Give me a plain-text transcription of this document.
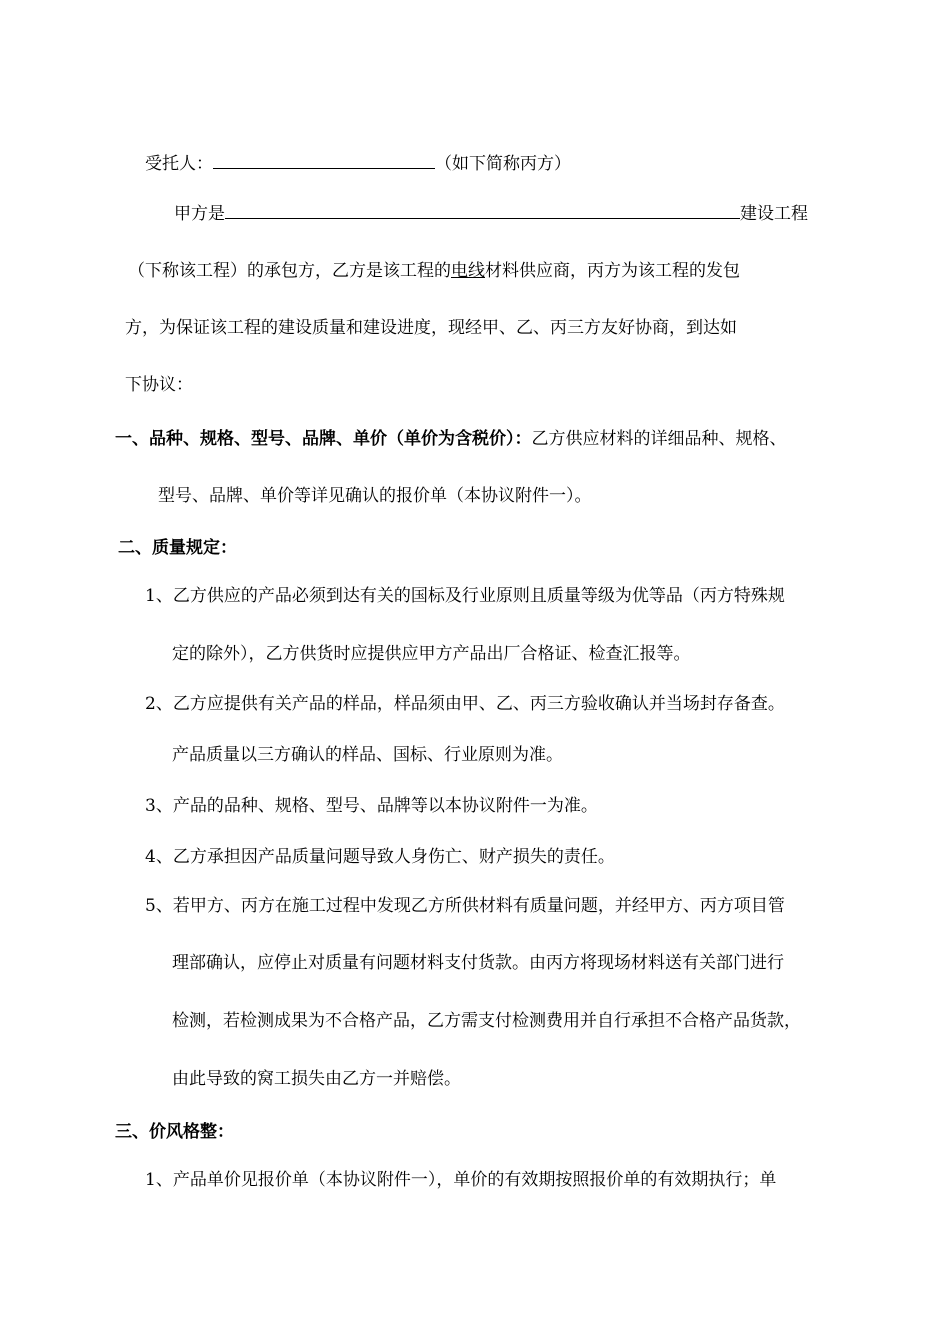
受托人：	（如下简称丙方）
甲方是	建设工程
（下称该工程）的承包方，乙方是该工程的电线材料供应商，丙方为该工程的发包
方，为保证该工程的建设质量和建设进度，现经甲、乙、丙三方友好协商，到达如
下协议：
一、品种、规格、型号、品牌、单价（单价为含税价）：乙方供应材料的详细品种、规格、
型号、品牌、单价等详见确认的报价单（本协议附件一）。
二、质量规定：
1、乙方供应的产品必须到达有关的国标及行业原则且质量等级为优等品（丙方特殊规
定的除外），乙方供货时应提供应甲方产品出厂合格证、检查汇报等。
2、乙方应提供有关产品的样品，样品须由甲、乙、丙三方验收确认并当场封存备查。
产品质量以三方确认的样品、国标、行业原则为准。
3、产品的品种、规格、型号、品牌等以本协议附件一为准。
4、乙方承担因产品质量问题导致人身伤亡、财产损失的责任。
5、若甲方、丙方在施工过程中发现乙方所供材料有质量问题，并经甲方、丙方项目管
理部确认，应停止对质量有问题材料支付货款。由丙方将现场材料送有关部门进行
检测，若检测成果为不合格产品，乙方需支付检测费用并自行承担不合格产品货款，
由此导致的窝工损失由乙方一并赔偿。
三、价风格整：
1、产品单价见报价单（本协议附件一），单价的有效期按照报价单的有效期执行；单
